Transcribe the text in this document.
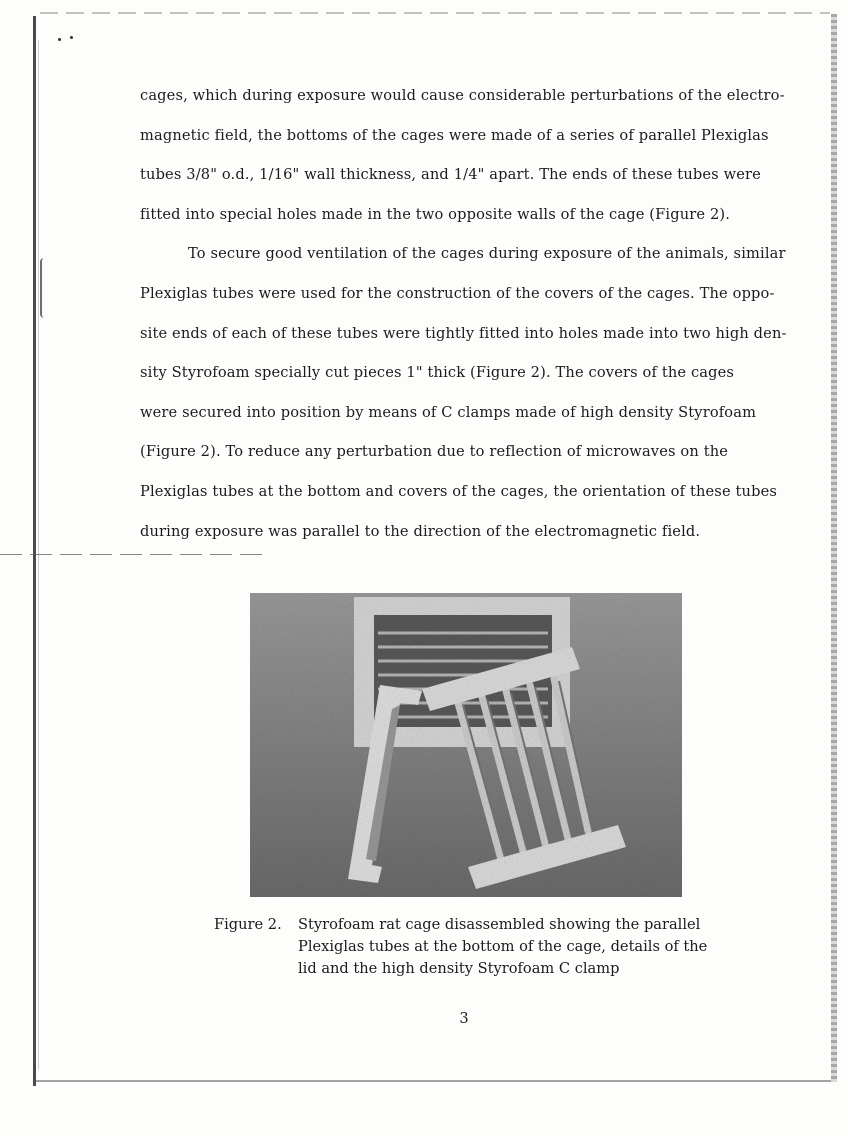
cages, which during exposure would cause considerable perturbations of the electro-
magnetic field, the bottoms of the cages were made of a series of parallel Plexiglas
tubes 3/8" o.d., 1/16" wall thickness, and 1/4" apart. The ends of these tubes were
fitted into special holes made in the two opposite walls of the cage (Figure 2).
To secure good ventilation of the cages during exposure of the animals, similar
Plexiglas tubes were used for the construction of the covers of the cages. The oppo-
site ends of each of these tubes were tightly fitted into holes made into two high den-
sity Styrofoam specially cut pieces 1" thick (Figure 2). The covers of the cages
were secured into position by means of C clamps made of high density Styrofoam
(Figure 2). To reduce any perturbation due to reflection of microwaves on the
Plexiglas tubes at the bottom and covers of the cages, the orientation of these tubes
during exposure was parallel to the direction of the electromagnetic field.
Figure 2.	Styrofoam rat cage disassembled showing the parallel
Plexiglas tubes at the bottom of the cage, details of the
lid and the high density Styrofoam C clamp
3
